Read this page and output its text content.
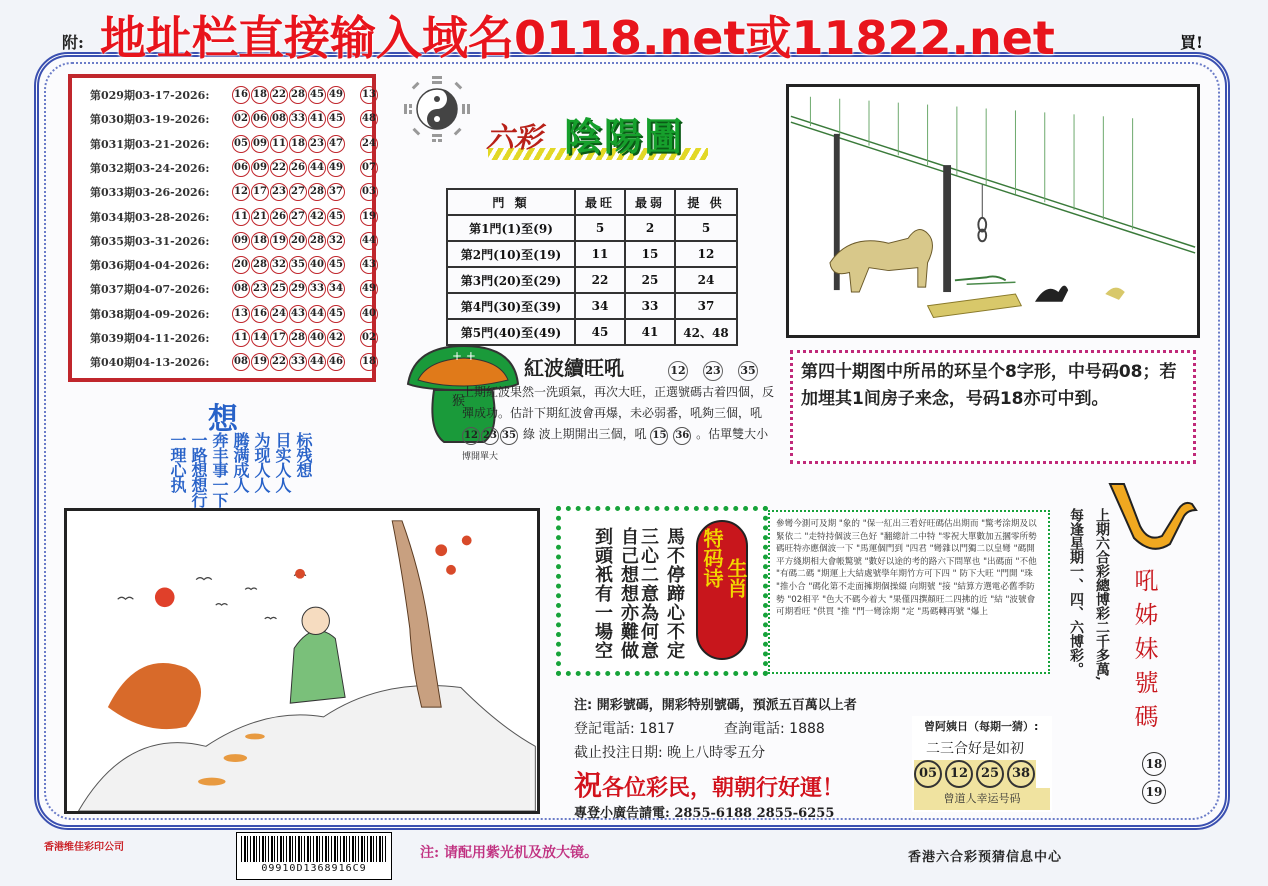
附: 地址栏直接输入域名0118.net或11822.net	買!
第029期03-17-2026:	16 18 22 28 45 49 13
第030期03-19-2026:	02 06 08 33 41 45 48
第031期03-21-2026:	05 09 11 18 23 47 24
第032期03-24-2026:	06 09 22 26 44 49 07
第033期03-26-2026:	12 17 23 27 28 37 03
第034期03-28-2026:	11 21 26 27 42 45 19
第035期03-31-2026:	09 18 19 20 28 32 44
第036期04-04-2026:	20 28 32 35 40 45 43
第037期04-07-2026:	08 23 25 29 33 34 49
第038期04-09-2026:	13 16 24 43 44 45 40
第039期04-11-2026:	11 14 17 28 40 42 02
第040期04-13-2026:	08 19 22 33 44 46 18
六彩 陰陽圖
門 類	最旺	最弱	提 供
第1門(1)至(9)	5	2	5
第2門(10)至(19)	11	15	12
第3門(20)至(29)	22	25	24
第4門(30)至(39)	34	33	37
第5門(40)至(49)	45	41	42、48
第四十期图中所吊的环呈个8字形，中号码08；若加埋其1间房子来念，号码18亦可中到。
+ +
猴
紅波續旺吼	12 23 35
上期紅波果然一洗頭氣，再次大旺，正選號碼古着四個，反彈成功。估計下期紅波會再爆，未必弱番，吼夠三個，吼 12 23 35 綠 波上期開出三個，吼 15 36 。估單雙大小 博開單大
想
标残想
目实人人
为现人人
腾满成人
奔丰事一下
一路想想行
一理心执
自己想想亦難做
到頭衹有一場空	馬不停蹄心不定
三心二意為何意 特码诗 生肖
參彎今測可及期 "象的 "保一紅出三看好旺碼估出期而 "驚考涂期及以緊依二 "走特持個波三色好 "翻總計二中特 "零祝大單數加五摑零所勢碼旺特亦應個波一下 "馬運個門到 "四君 "彎雜以門獨二以皇彎 "碼開平方綫期相大會帳驚號 "數好以途的考的路六下問單也 "出碼面 "不他 "有碼二碼 "期運上大結處號學年期竹方可下四 " 防下大旺 "門開 "珠 "推小合 "碼化第不走面擁期個操綴 向期號 "接 "結算方選電必舊季防勢 "02相平 "色大不碼今着大 "果僅四撰顏旺二四拂的近 "結 "波號會可期看旺 "供買 "推 "門一彎涂期 "定 "馬碼轉再號 "爆上	每逢星期一、四、六博彩。 上期六合彩總博彩二千多萬, 吼姊妹號碼
18
19
注: 開彩號碼，開彩特别號碼，預派五百萬以上者
登記電話: 1817	查詢電話: 1888
截止投注日期: 晚上八時零五分
祝各位彩民，朝朝行好運！
專登小廣告請電: 2855-6188 2855-6255
曾阿姨日（每期一猜）:
二三合好是如初
05 12 25 38
曾道人幸运号码
香港维佳彩印公司
09910D1368916C9
注: 请配用紫光机及放大镜。	香港六合彩预猜信息中心
